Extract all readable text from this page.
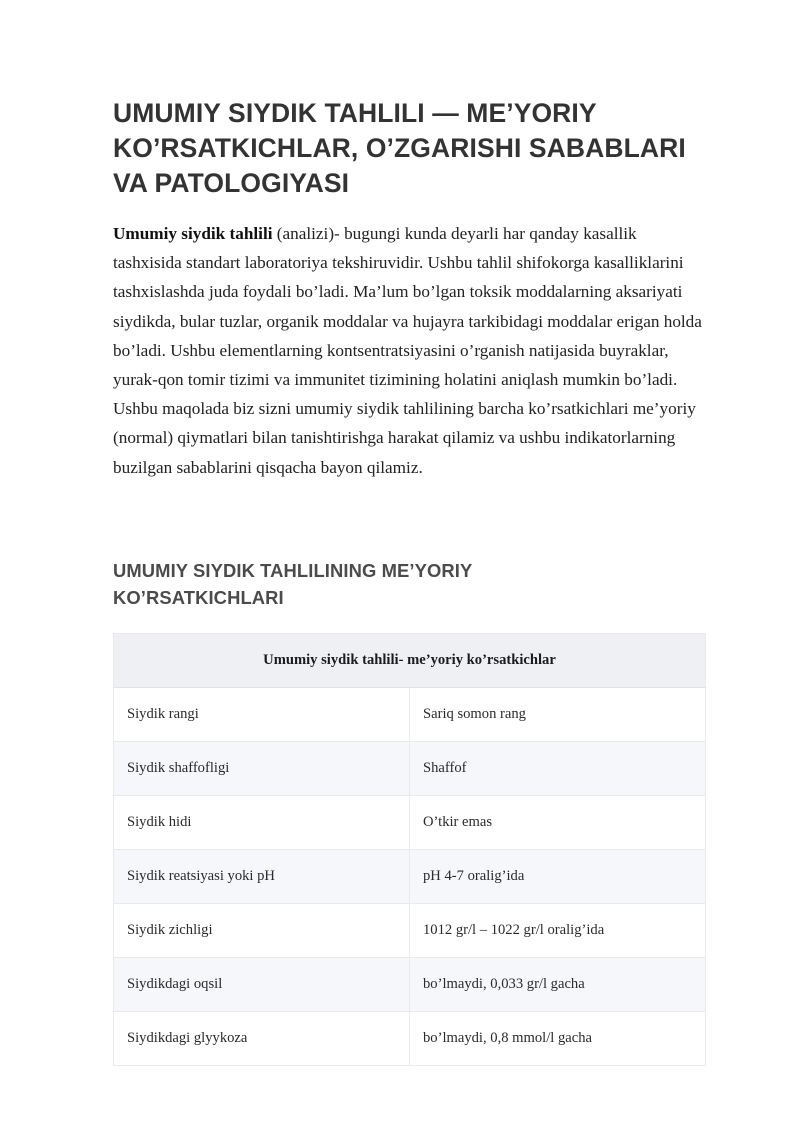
UMUMIY SIYDIK TAHLILI — ME’YORIY KO’RSATKICHLAR, O’ZGARISHI SABABLARI VA PATOLOGIYASI

Umumiy siydik tahlili (analizi)- bugungi kunda deyarli har qanday kasallik tashxisida standart laboratoriya tekshiruvidir. Ushbu tahlil shifokorga kasalliklarini tashxislashda juda foydali bo’ladi. Ma’lum bo’lgan toksik moddalarning aksariyati siydikda, bular tuzlar, organik moddalar va hujayra tarkibidagi moddalar erigan holda bo’ladi. Ushbu elementlarning kontsentratsiyasini o’rganish natijasida buyraklar, yurak-qon tomir tizimi va immunitet tizimining holatini aniqlash mumkin bo’ladi. Ushbu maqolada biz sizni umumiy siydik tahlilining barcha ko’rsatkichlari me’yoriy (normal) qiymatlari bilan tanishtirishga harakat qilamiz va ushbu indikatorlarning buzilgan sabablarini qisqacha bayon qilamiz.

UMUMIY SIYDIK TAHLILINING ME’YORIY KO’RSATKICHLARI
Umumiy siydik tahlili- me’yoriy ko’rsatkichlar	
Siydik rangi	Sariq somon rang
Siydik shaffofligi	Shaffof
Siydik hidi	O’tkir emas
Siydik reatsiyasi yoki pH	pH 4-7 oralig’ida
Siydik zichligi	1012 gr/l – 1022 gr/l oralig’ida
Siydikdagi oqsil	bo’lmaydi, 0,033 gr/l gacha
Siydikdagi glyykoza	bo’lmaydi, 0,8 mmol/l gacha
